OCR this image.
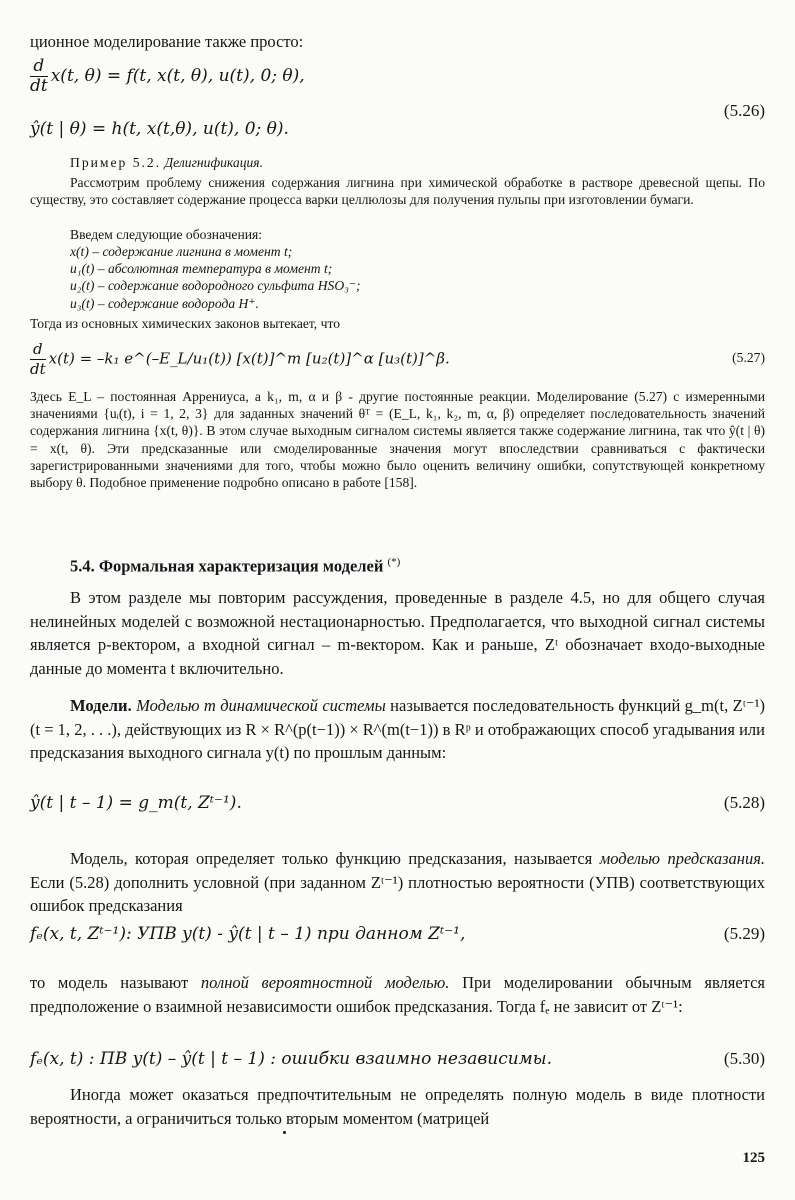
ционное моделирование также просто:
$\frac{d}{dt} x(t$, θ) = f(t, x(t, θ), u(t), 0; θ),
ŷ(t | θ) = h(t, x(t,θ), u(t), 0; θ).
(5.26)
Пример 5.2. Делигнификация.
Рассмотрим проблему снижения содержания лигнина при химической обработке в растворе древесной щепы. По существу, это составляет содержание процесса варки целлюлозы для получения пульпы при изготовлении бумаги.
Введем следующие обозначения:
x(t) – содержание лигнина в момент t;
u₁(t) – абсолютная температура в момент t;
u₂(t) – содержание водородного сульфита HSO₃⁻;
u₃(t) – содержание водорода H⁺.
Тогда из основных химических законов вытекает, что
$\frac{d}{dt} x(t) = -k_1$ e^(–E_L/u₁(t)) [x(t)]^m [u₂(t)]^α [u₃(t)]^β.	(5.27)
Здесь E_L – постоянная Аррениуса, а k₁, m, α и β - другие постоянные реакции. Моделирование (5.27) с измеренными значениями {uᵢ(t), i = 1, 2, 3} для заданных значений θᵀ = (E_L, k₁, k₂, m, α, β) определяет последовательность значений содержания лигнина {x(t, θ)}. В этом случае выходным сигналом системы является также содержание лигнина, так что ŷ(t | θ) = x(t, θ). Эти предсказанные или смоделированные значения могут впоследствии сравниваться с фактически зарегистрированными значениями для того, чтобы можно было оценить величину ошибки, сопутствующей конкретному выбору θ. Подобное применение подробно описано в работе [158].
5.4. Формальная характеризация моделей (*)
В этом разделе мы повторим рассуждения, проведенные в разделе 4.5, но для общего случая нелинейных моделей с возможной нестационарностью. Предполагается, что выходной сигнал системы является p-вектором, а входной сигнал – m-вектором. Как и раньше, Zᵗ обозначает входо-выходные данные до момента t включительно.
Модели. Моделью m динамической системы называется последовательность функций g_m(t, Zᵗ⁻¹) (t = 1, 2, . . .), действующих из R × R^(p(t−1)) × R^(m(t−1)) в Rᵖ и отображающих способ угадывания или предсказания выходного сигнала y(t) по прошлым данным:
ŷ(t | t – 1) = g_m(t, Zᵗ⁻¹).	(5.28)
Модель, которая определяет только функцию предсказания, называется моделью предсказания. Если (5.28) дополнить условной (при заданном Zᵗ⁻¹) плотностью вероятности (УПВ) соответствующих ошибок предсказания
fₑ(x, t, Zᵗ⁻¹): УПВ y(t) - ŷ(t | t – 1) при данном Zᵗ⁻¹,	(5.29)
то модель называют полной вероятностной моделью. При моделировании обычным является предположение о взаимной независимости ошибок предсказания. Тогда fₑ не зависит от Zᵗ⁻¹:
fₑ(x, t) : ПВ y(t) – ŷ(t | t – 1) : ошибки взаимно независимы.	(5.30)
Иногда может оказаться предпочтительным не определять полную модель в виде плотности вероятности, а ограничиться только вторым моментом (матрицей
125
